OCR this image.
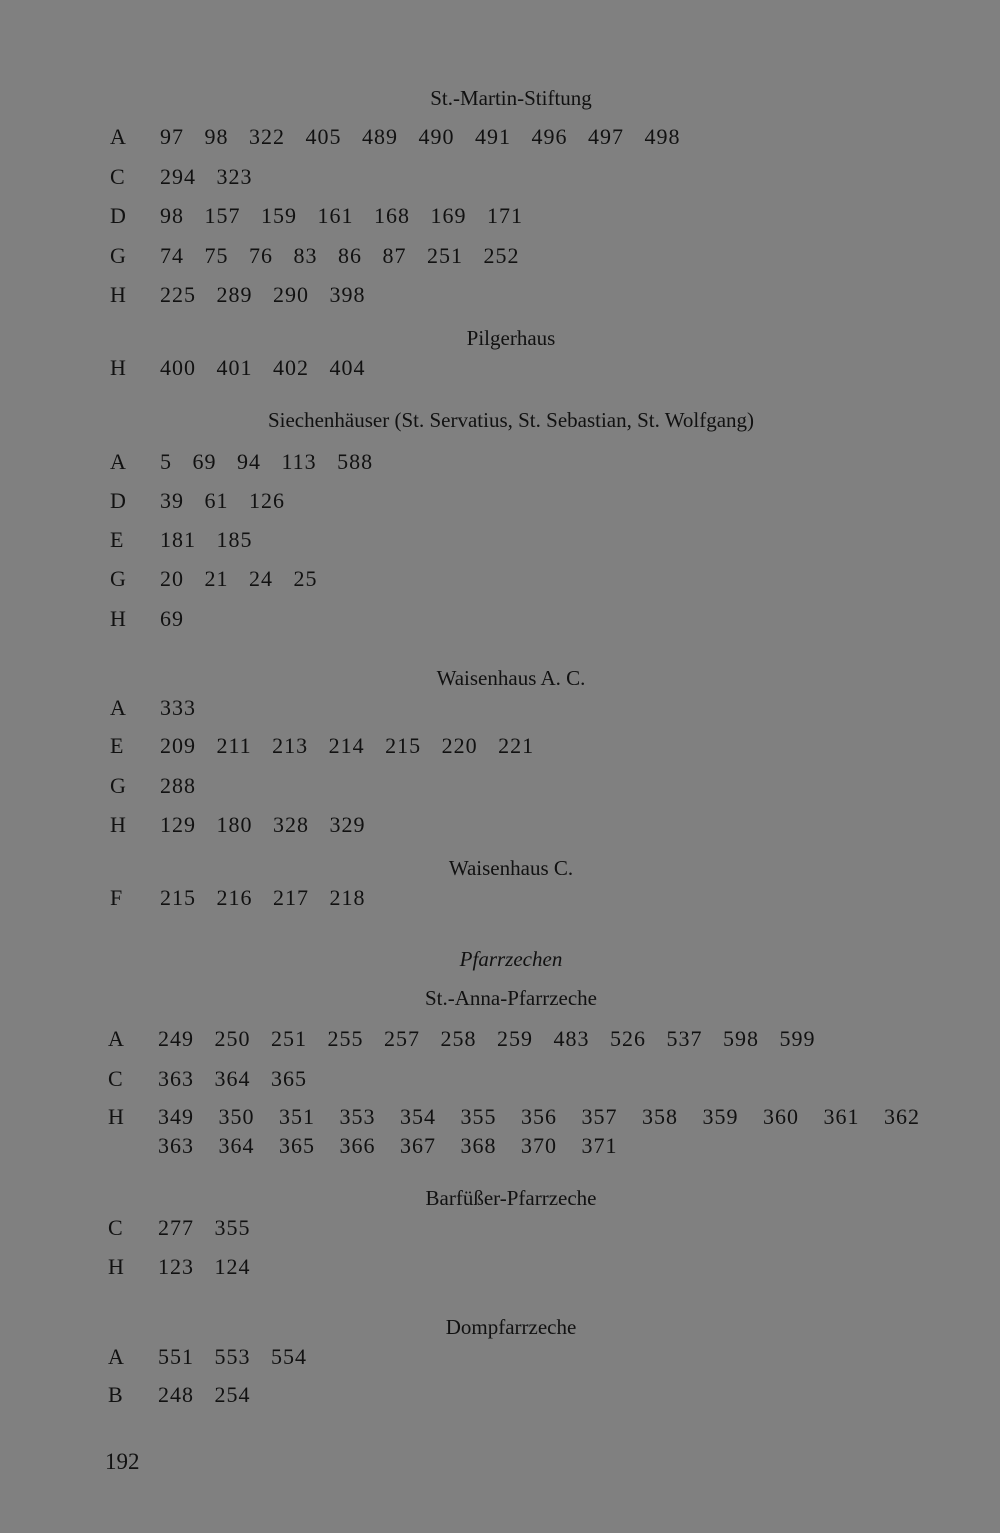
St.-Martin-Stiftung
A	97 98 322 405 489 490 491 496 497 498
C	294 323
D	98 157 159 161 168 169 171
G	74 75 76 83 86 87 251 252
H	225 289 290 398
Pilgerhaus
H	400 401 402 404
Siechenhäuser (St. Servatius, St. Sebastian, St. Wolfgang)
A	5 69 94 113 588
D	39 61 126
E	181 185
G	20 21 24 25
H	69
Waisenhaus A. C.
A	333
E	209 211 213 214 215 220 221
G	288
H	129 180 328 329
Waisenhaus C.
F	215 216 217 218
Pfarrzechen
St.-Anna-Pfarrzeche
A	249 250 251 255 257 258 259 483 526 537 598 599
C	363 364 365
H	349 350 351 353 354 355 356 357 358 359 360 361 362
363 364 365 366 367 368 370 371
Barfüßer-Pfarrzeche
C	277 355
H	123 124
Dompfarrzeche
A	551 553 554
B	248 254
192
